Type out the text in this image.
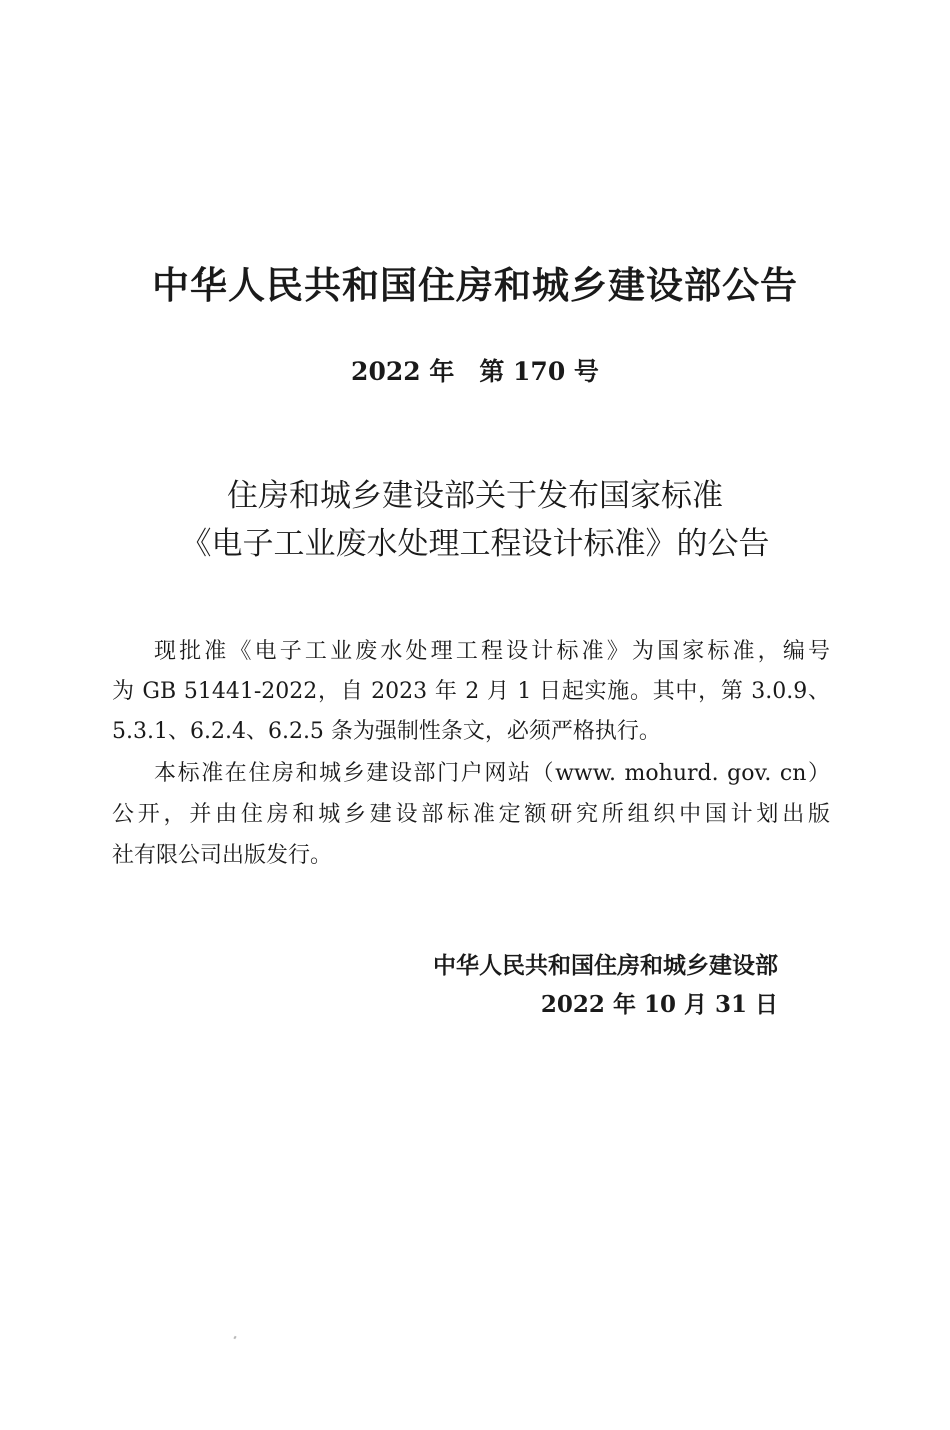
中华人民共和国住房和城乡建设部公告
2022 年　第 170 号
住房和城乡建设部关于发布国家标准
《电子工业废水处理工程设计标准》的公告
现批准《电子工业废水处理工程设计标准》为国家标准，编号
为 GB 51441-2022，自 2023 年 2 月 1 日起实施。其中，第 3.0.9、
5.3.1、6.2.4、6.2.5 条为强制性条文，必须严格执行。
本标准在住房和城乡建设部门户网站（www. mohurd. gov. cn）
公开，并由住房和城乡建设部标准定额研究所组织中国计划出版
社有限公司出版发行。
中华人民共和国住房和城乡建设部
2022 年 10 月 31 日
